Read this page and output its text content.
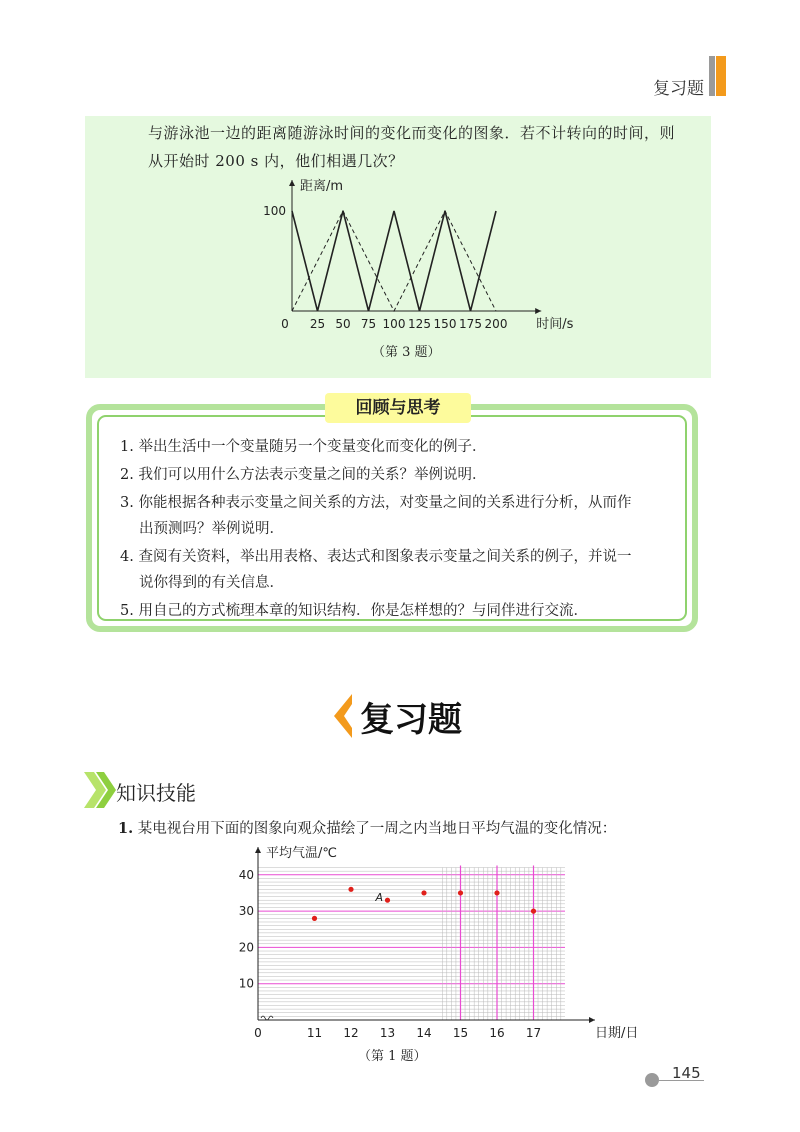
复习题
与游泳池一边的距离随游泳时间的变化而变化的图象．若不计转向的时间，则
从开始时 200 s 内，他们相遇几次？
0 25 50 75 100 125 150 175 200
100
距离/m
时间/s
（第 3 题）
回顾与思考
1. 举出生活中一个变量随另一个变量变化而变化的例子．
2. 我们可以用什么方法表示变量之间的关系？举例说明．
3. 你能根据各种表示变量之间关系的方法，对变量之间的关系进行分析，从而作
出预测吗？举例说明．
4. 查阅有关资料，举出用表格、表达式和图象表示变量之间关系的例子，并说一
说你得到的有关信息．
5. 用自己的方式梳理本章的知识结构．你是怎样想的？与同伴进行交流．
复习题
知识技能
1. 某电视台用下面的图象向观众描绘了一周之内当地日平均气温的变化情况：
0	11 12 13 14 15 16 17
10
20
30
40
平均气温/℃
日期/日
A
（第 1 题）
145
